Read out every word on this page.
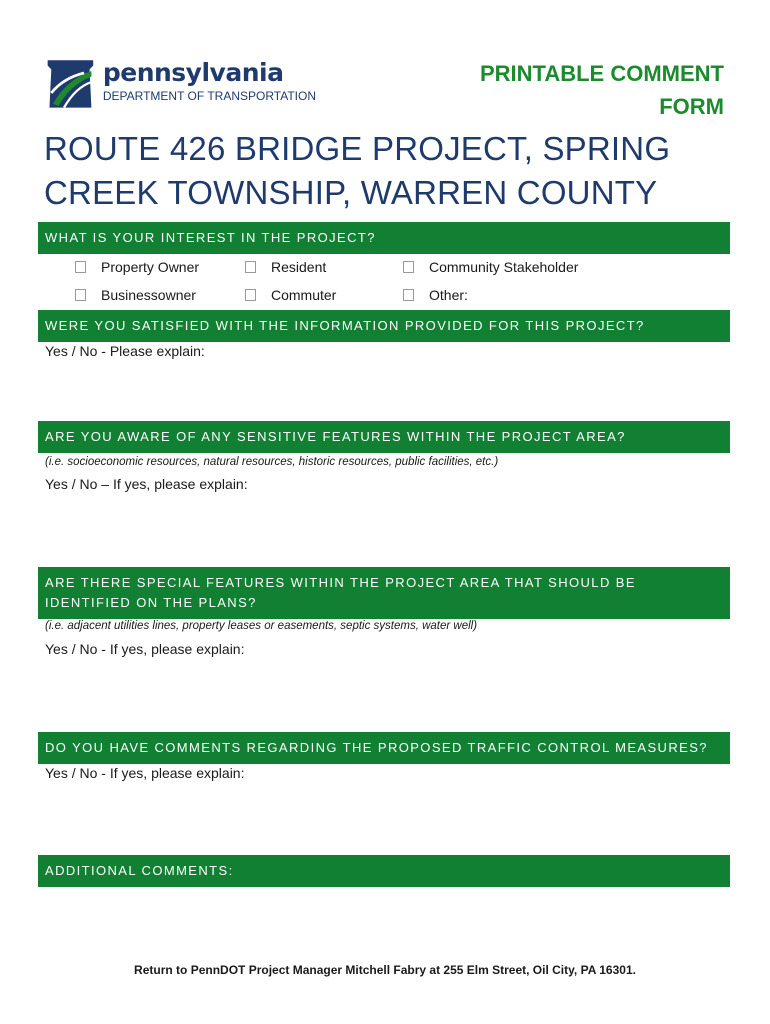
pennsylvania
DEPARTMENT OF TRANSPORTATION
PRINTABLE COMMENT
FORM
ROUTE 426 BRIDGE PROJECT, SPRING
CREEK TOWNSHIP, WARREN COUNTY
WHAT IS YOUR INTEREST IN THE PROJECT?
Property Owner	Resident	Community Stakeholder
Businessowner	Commuter	Other:
WERE YOU SATISFIED WITH THE INFORMATION PROVIDED FOR THIS PROJECT?
Yes / No - Please explain:
ARE YOU AWARE OF ANY SENSITIVE FEATURES WITHIN THE PROJECT AREA?
(i.e. socioeconomic resources, natural resources, historic resources, public facilities, etc.)
Yes / No – If yes, please explain:
ARE THERE SPECIAL FEATURES WITHIN THE PROJECT AREA THAT SHOULD BE
IDENTIFIED ON THE PLANS?
(i.e. adjacent utilities lines, property leases or easements, septic systems, water well)
Yes / No - If yes, please explain:
DO YOU HAVE COMMENTS REGARDING THE PROPOSED TRAFFIC CONTROL MEASURES?
Yes / No - If yes, please explain:
ADDITIONAL COMMENTS:
Return to PennDOT Project Manager Mitchell Fabry at 255 Elm Street, Oil City, PA 16301.
